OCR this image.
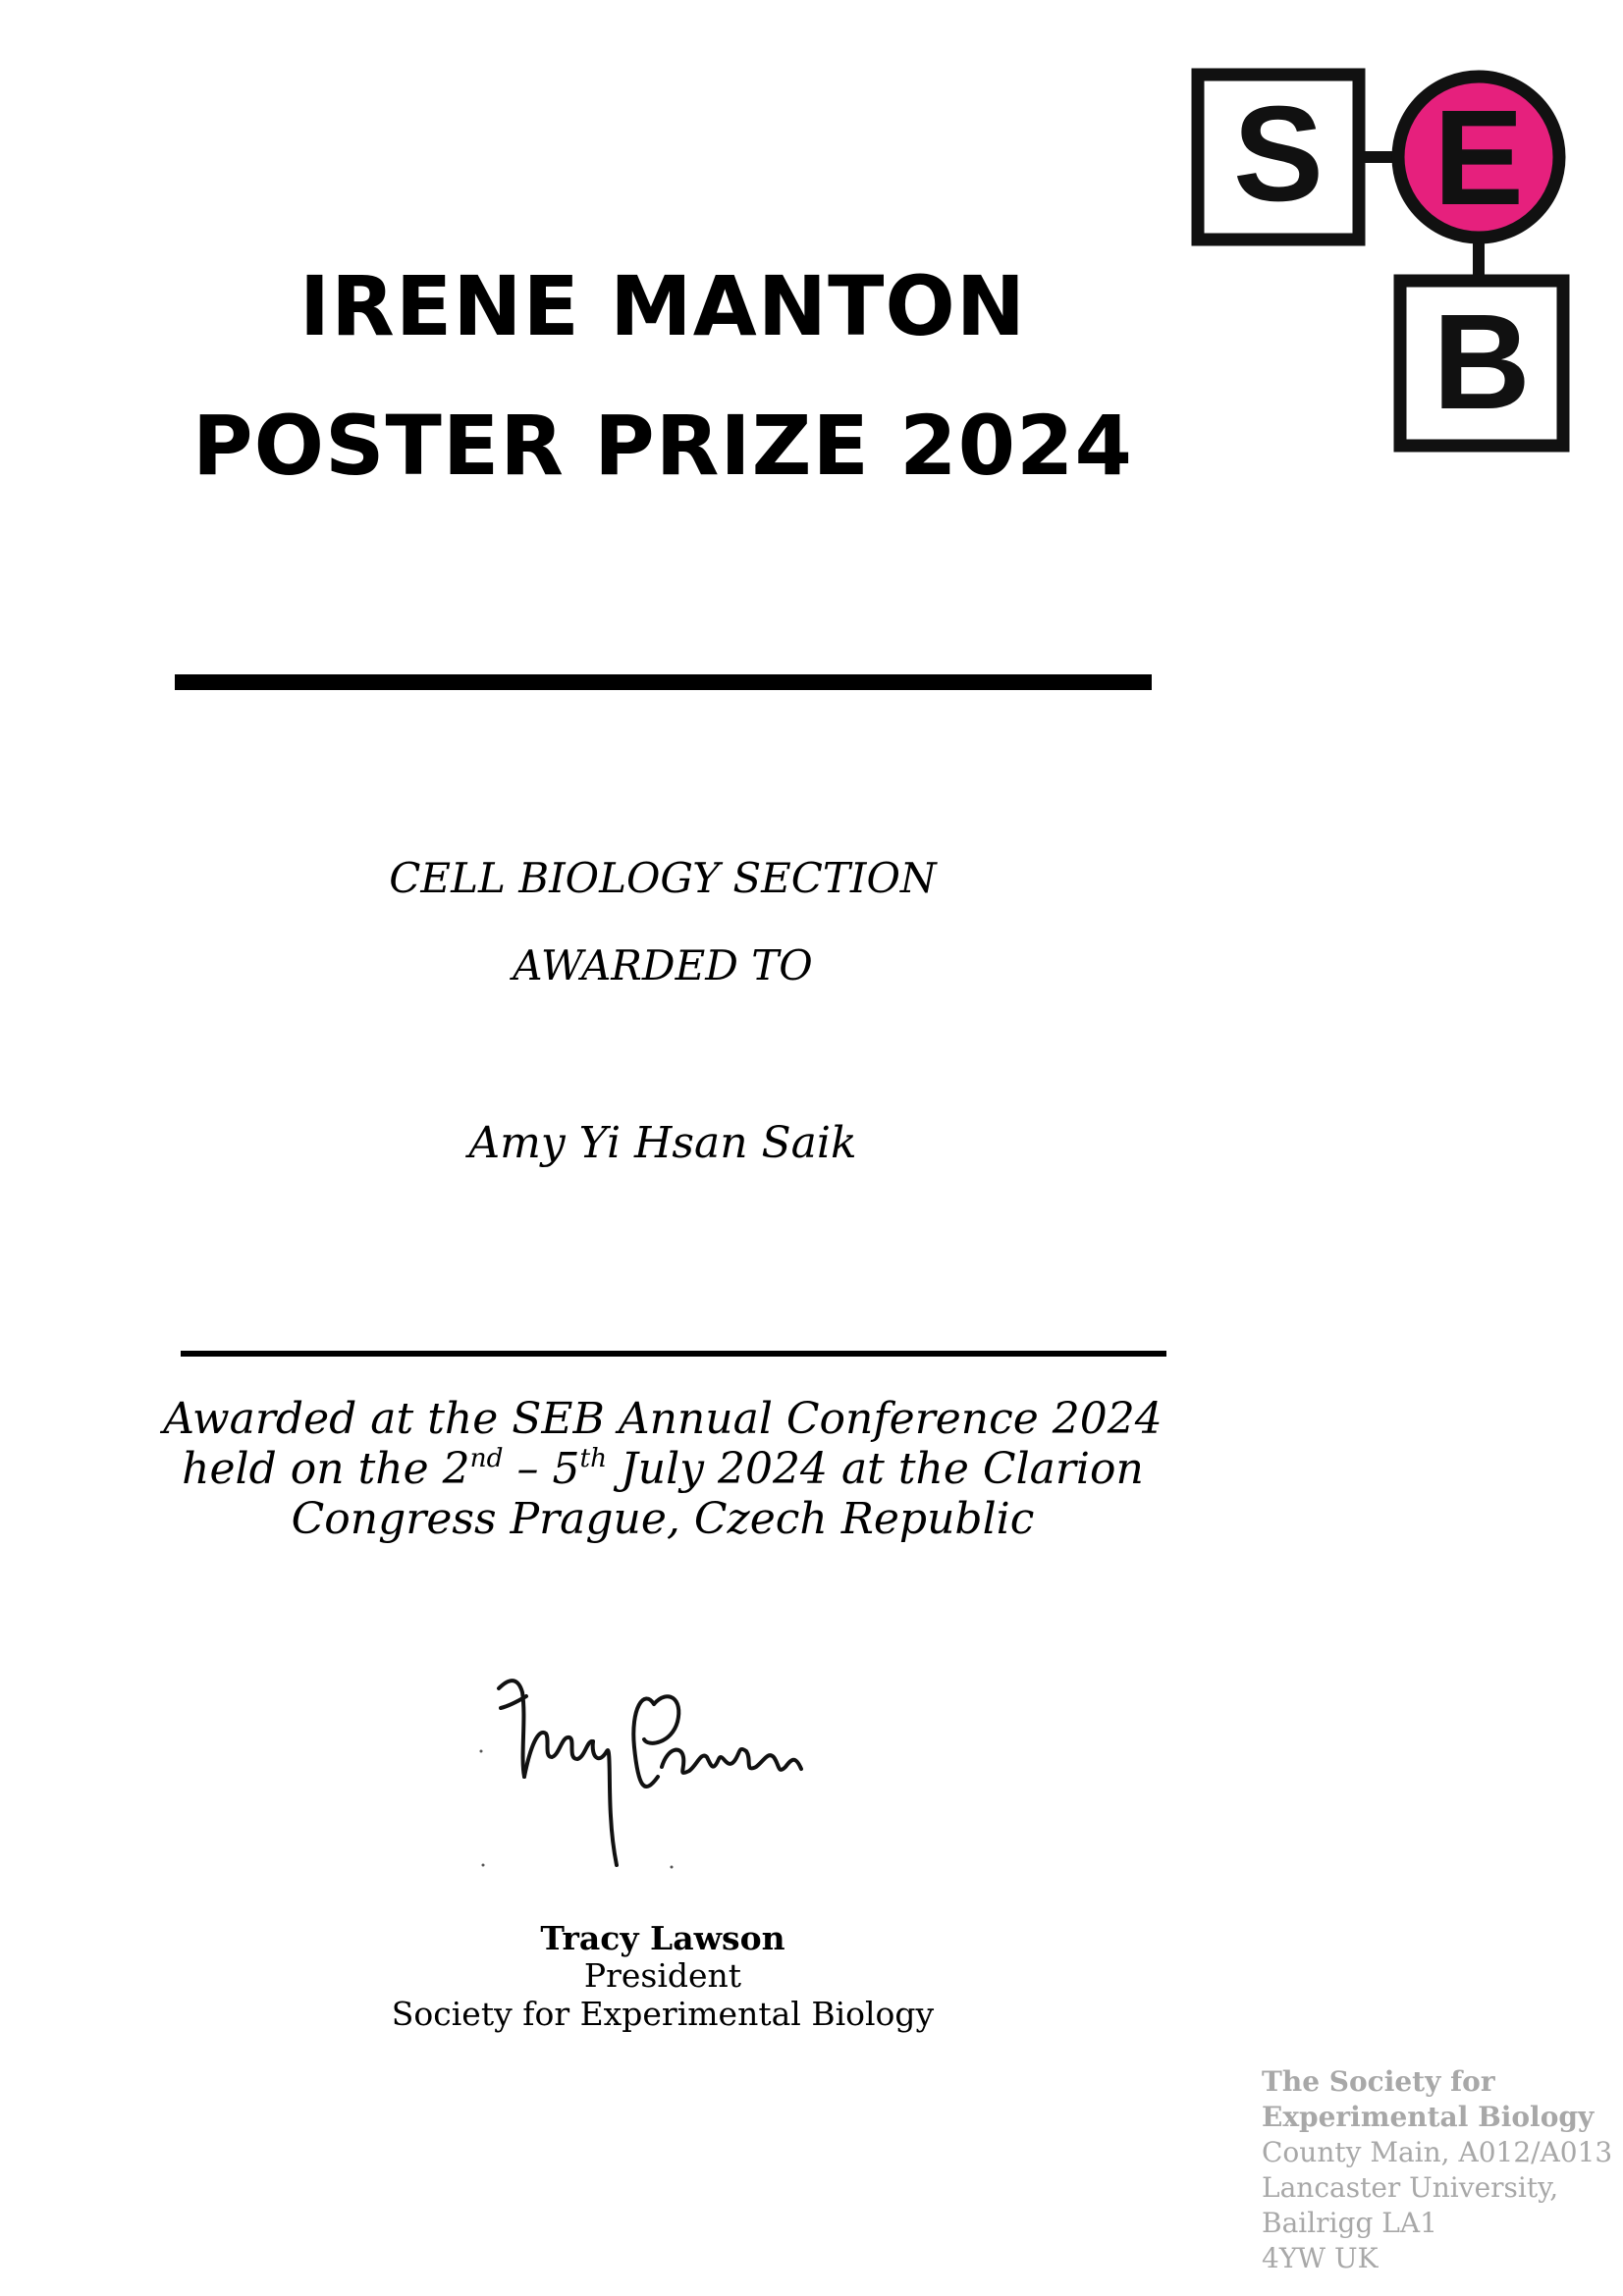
IRENE MANTON
POSTER PRIZE 2024
S E
B

CELL BIOLOGY SECTION

AWARDED TO

Amy Yi Hsan Saik

Awarded at the SEB Annual Conference 2024

held on the 2nd – 5th July 2024 at the Clarion

Congress Prague, Czech Republic

Tracy Lawson

President

Society for Experimental Biology

The Society for

Experimental Biology

County Main, A012/A013

Lancaster University,

Bailrigg LA1

4YW UK
